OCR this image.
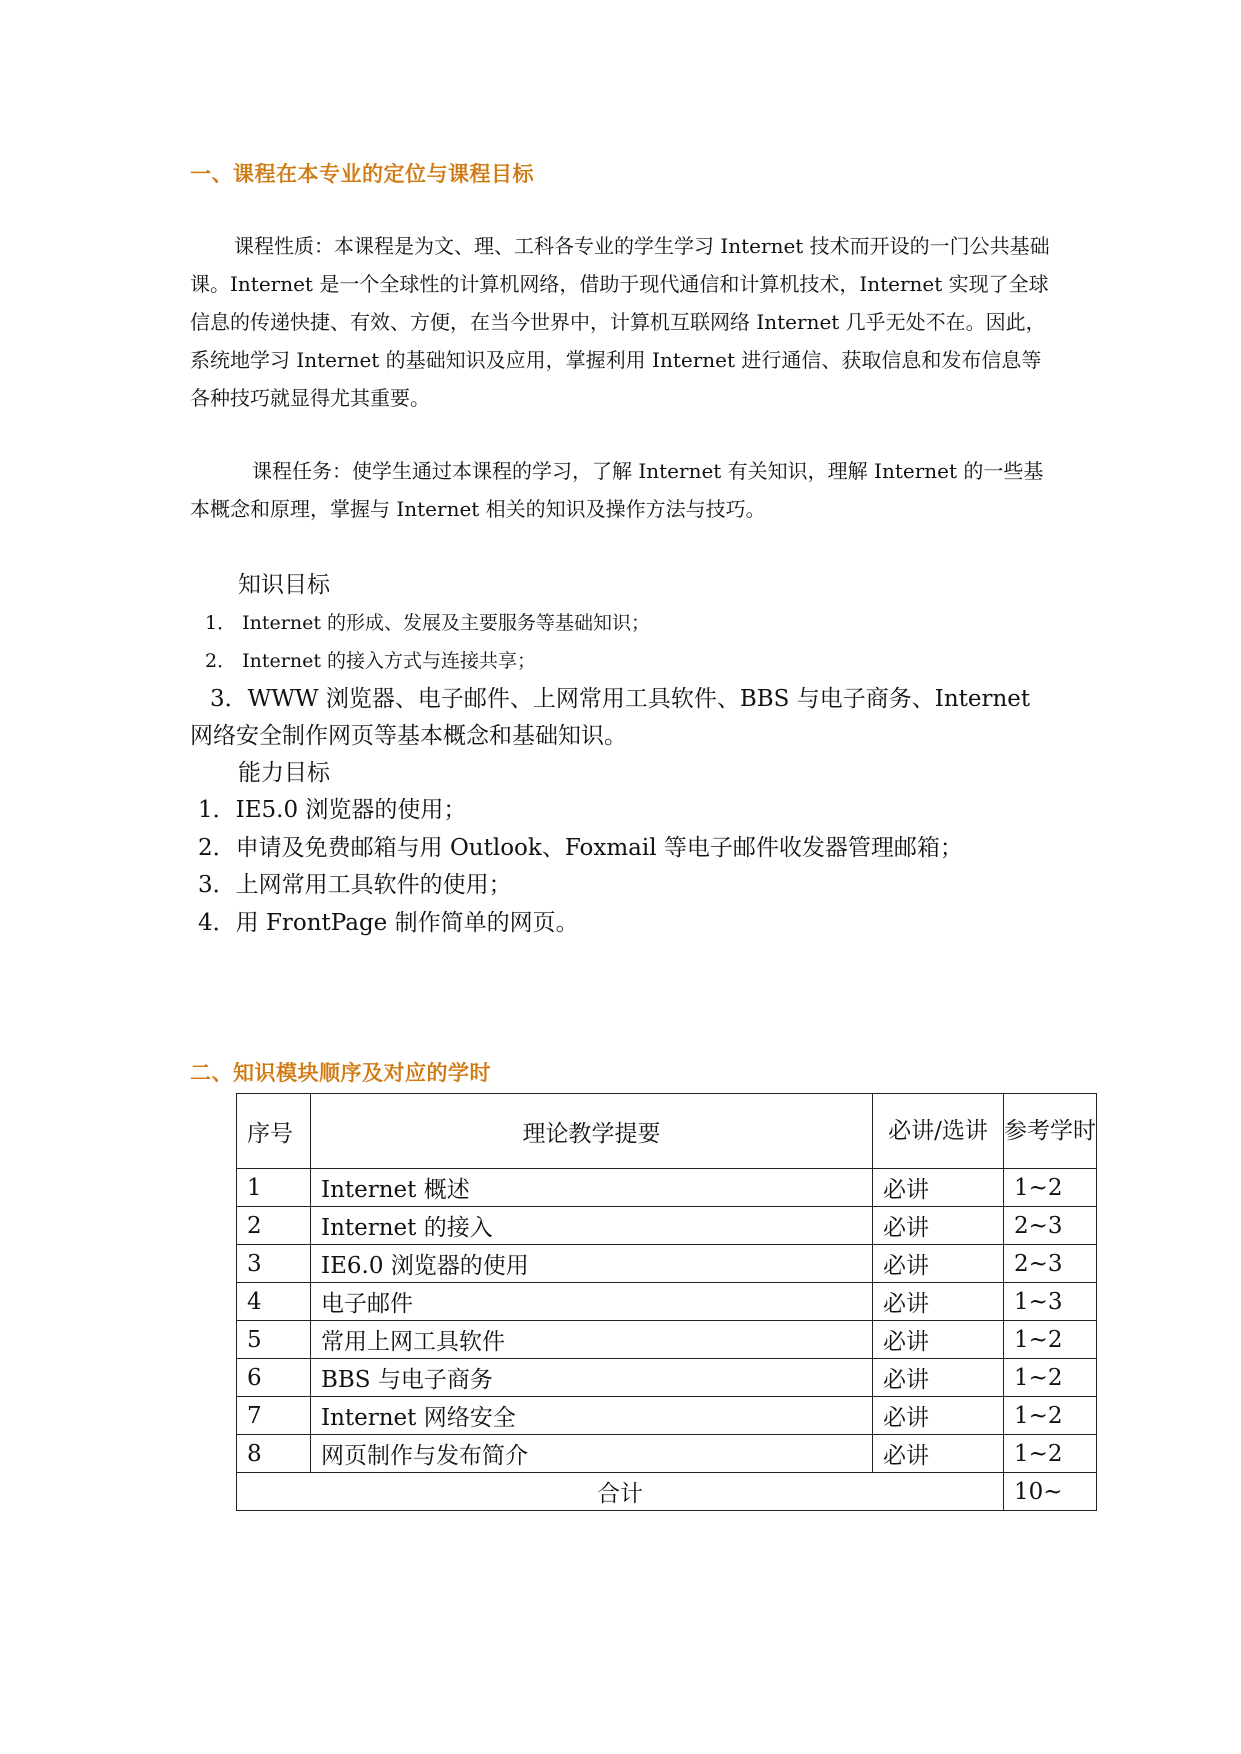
一、课程在本专业的定位与课程目标

课程性质：本课程是为文、理、工科各专业的学生学习 Internet 技术而开设的一门公共基础课。Internet 是一个全球性的计算机网络，借助于现代通信和计算机技术，Internet 实现了全球信息的传递快捷、有效、方便，在当今世界中，计算机互联网络 Internet 几乎无处不在。因此，系统地学习 Internet 的基础知识及应用，掌握利用 Internet 进行通信、获取信息和发布信息等各种技巧就显得尤其重要。

课程任务：使学生通过本课程的学习，了解 Internet 有关知识，理解 Internet 的一些基本概念和原理，掌握与 Internet 相关的知识及操作方法与技巧。

知识目标
1． Internet 的形成、发展及主要服务等基础知识；
2． Internet 的接入方式与连接共享；
3．WWW 浏览器、电子邮件、上网常用工具软件、BBS 与电子商务、Internet
网络安全制作网页等基本概念和基础知识。
能力目标
1．IE5.0 浏览器的使用；
2．申请及免费邮箱与用 Outlook、Foxmail 等电子邮件收发器管理邮箱；
3．上网常用工具软件的使用；
4．用 FrontPage 制作简单的网页。
二、知识模块顺序及对应的学时
序号	理论教学提要	必讲/选讲	参考学时
1	Internet 概述	必讲	1~2
2	Internet 的接入	必讲	2~3
3	IE6.0 浏览器的使用	必讲	2~3
4	电子邮件	必讲	1~3
5	常用上网工具软件	必讲	1~2
6	BBS 与电子商务	必讲	1~2
7	Internet 网络安全	必讲	1~2
8	网页制作与发布简介	必讲	1~2
合计			10~
